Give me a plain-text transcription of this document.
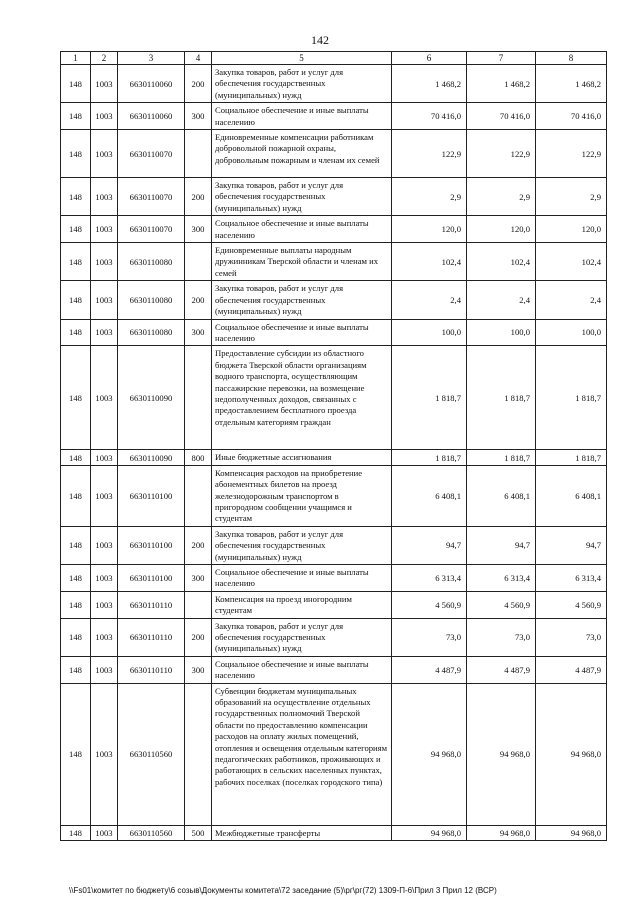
142
1	2	3	4	5	6	7	8
148	1003	6630110060	200	Закупка товаров, работ и услуг для обеспечения государственных (муниципальных) нужд	1 468,2	1 468,2	1 468,2
148	1003	6630110060	300	Социальное обеспечение и иные выплаты населению	70 416,0	70 416,0	70 416,0
148	1003	6630110070		Единовременные компенсации работникам добровольной пожарной охраны, добровольным пожарным и членам их семей	122,9	122,9	122,9
148	1003	6630110070	200	Закупка товаров, работ и услуг для обеспечения государственных (муниципальных) нужд	2,9	2,9	2,9
148	1003	6630110070	300	Социальное обеспечение и иные выплаты населению	120,0	120,0	120,0
148	1003	6630110080		Единовременные выплаты народным дружинникам Тверской области и членам их семей	102,4	102,4	102,4
148	1003	6630110080	200	Закупка товаров, работ и услуг для обеспечения государственных (муниципальных) нужд	2,4	2,4	2,4
148	1003	6630110080	300	Социальное обеспечение и иные выплаты населению	100,0	100,0	100,0
148	1003	6630110090		Предоставление субсидии из областного бюджета Тверской области организациям водного транспорта, осуществляющим пассажирские перевозки, на возмещение недополученных доходов, связанных с предоставлением бесплатного проезда отдельным категориям граждан	1 818,7	1 818,7	1 818,7
148	1003	6630110090	800	Иные бюджетные ассигнования	1 818,7	1 818,7	1 818,7
148	1003	6630110100		Компенсация расходов на приобретение абонементных билетов на проезд железнодорожным транспортом в пригородном сообщении учащимся и студентам	6 408,1	6 408,1	6 408,1
148	1003	6630110100	200	Закупка товаров, работ и услуг для обеспечения государственных (муниципальных) нужд	94,7	94,7	94,7
148	1003	6630110100	300	Социальное обеспечение и иные выплаты населению	6 313,4	6 313,4	6 313,4
148	1003	6630110110		Компенсация на проезд иногородним студентам	4 560,9	4 560,9	4 560,9
148	1003	6630110110	200	Закупка товаров, работ и услуг для обеспечения государственных (муниципальных) нужд	73,0	73,0	73,0
148	1003	6630110110	300	Социальное обеспечение и иные выплаты населению	4 487,9	4 487,9	4 487,9
148	1003	6630110560		Субвенции бюджетам муниципальных образований на осуществление отдельных государственных полномочий Тверской области по предоставлению компенсации расходов на оплату жилых помещений, отопления и освещения отдельным категориям педагогических работников, проживающих и работающих в сельских населенных пунктах, рабочих поселках (поселках городского типа)	94 968,0	94 968,0	94 968,0
148	1003	6630110560	500	Межбюджетные трансферты	94 968,0	94 968,0	94 968,0
\\Fs01\комитет по бюджету\6 созыв\Документы комитета\72 заседание (5)\рг\рг(72) 1309-П-6\Прил 3 Прил 12 (ВСР)
